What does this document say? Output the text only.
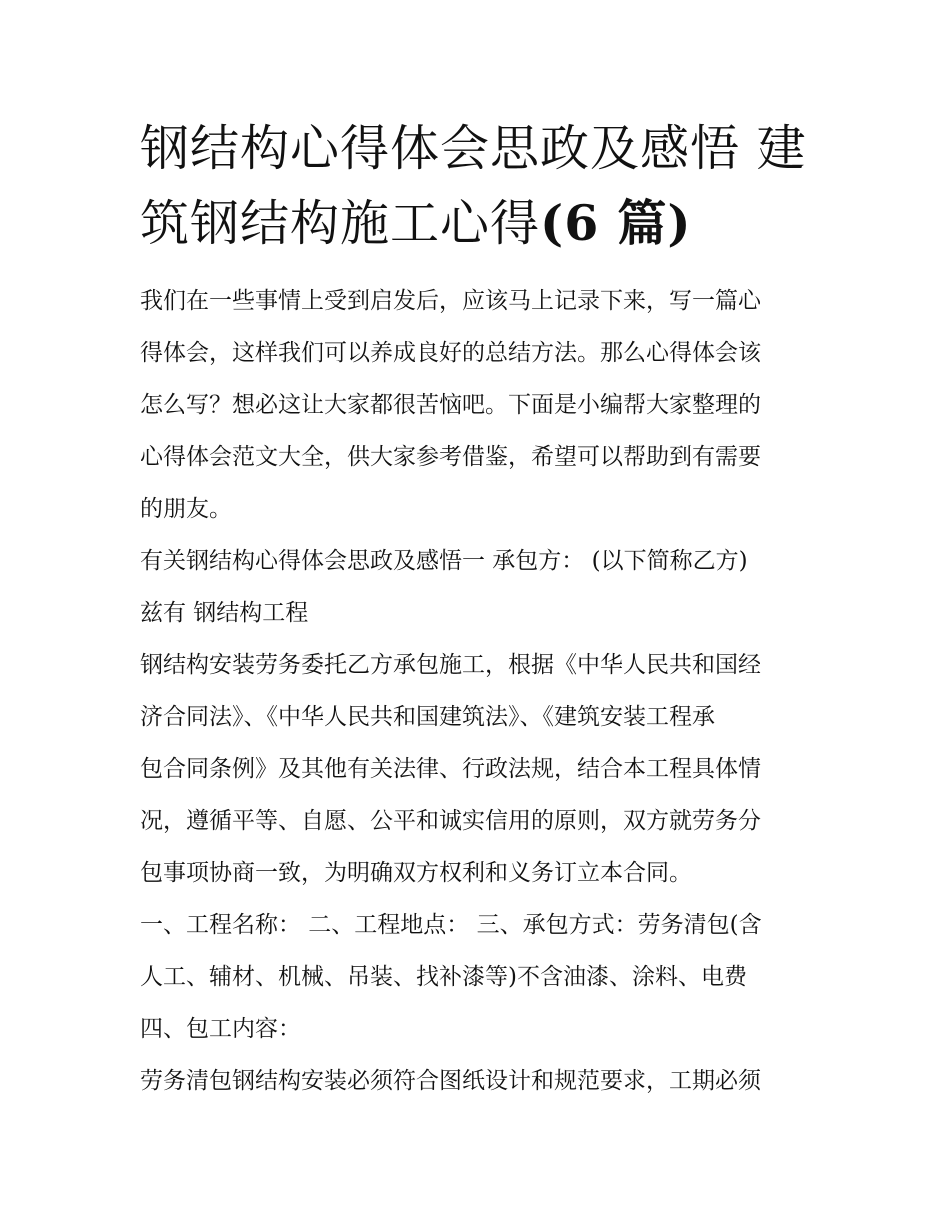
钢结构心得体会思政及感悟 建
筑钢结构施工心得(6 篇)

我们在一些事情上受到启发后，应该马上记录下来，写一篇心
得体会，这样我们可以养成良好的总结方法。那么心得体会该
怎么写？想必这让大家都很苦恼吧。下面是小编帮大家整理的
心得体会范文大全，供大家参考借鉴，希望可以帮助到有需要
的朋友。

有关钢结构心得体会思政及感悟一 承包方： (以下简称乙方)
兹有 钢结构工程

钢结构安装劳务委托乙方承包施工，根据《中华人民共和国经
济合同法》、《中华人民共和国建筑法》、《建筑安装工程承
包合同条例》及其他有关法律、行政法规，结合本工程具体情
况，遵循平等、自愿、公平和诚实信用的原则，双方就劳务分
包事项协商一致，为明确双方权利和义务订立本合同。

一、工程名称： 二、工程地点： 三、承包方式：劳务清包(含
人工、辅材、机械、吊装、找补漆等)不含油漆、涂料、电费
四、包工内容：

劳务清包钢结构安装必须符合图纸设计和规范要求，工期必须
